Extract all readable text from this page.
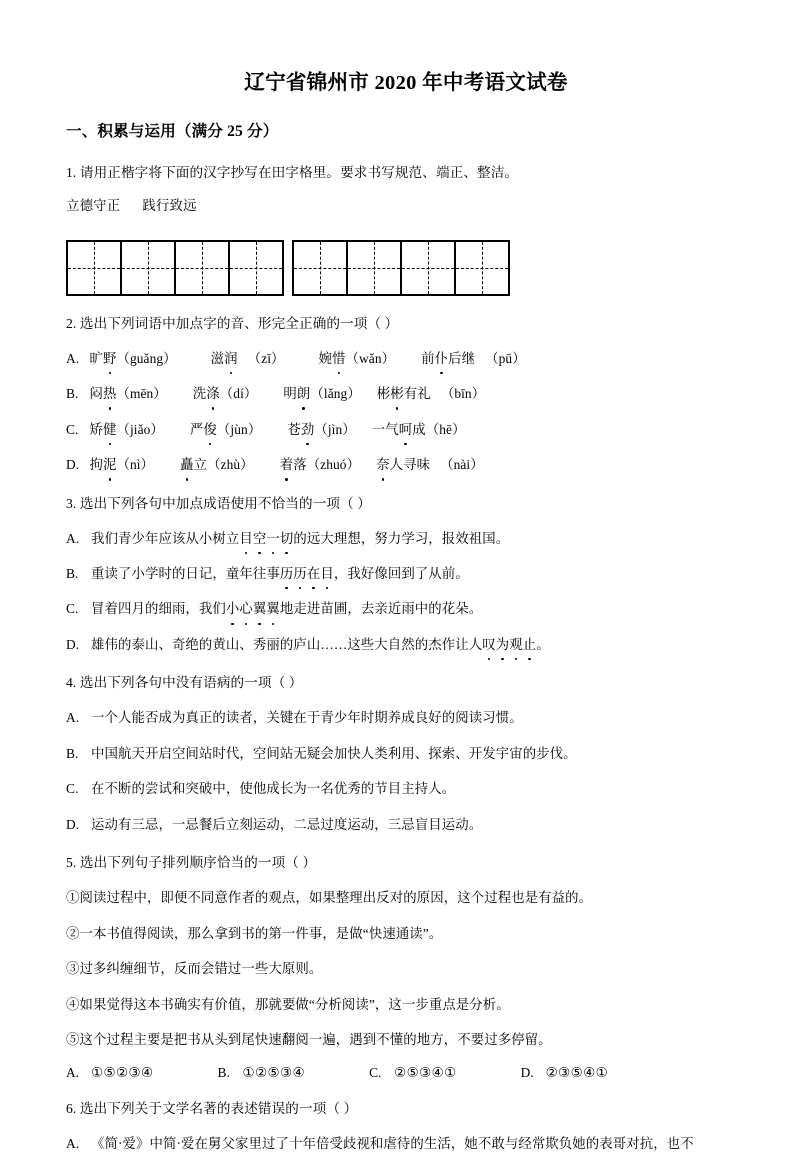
辽宁省锦州市 2020 年中考语文试卷
一、积累与运用（满分 25 分）
1. 请用正楷字将下面的汉字抄写在田字格里。要求书写规范、端正、整洁。
立德守正 践行致远
2. 选出下列词语中加点字的音、形完全正确的一项（ ）
A. 旷野（guǎng）	滋润 （zī）	婉惜（wǎn） 前仆后继 （pū）
B. 闷热（mēn） 洗涤（dí） 明朗（lǎng） 彬彬有礼 （bīn）
C. 矫健（jiǎo） 严俊（jùn） 苍劲（jìn） 一气呵成（hē）
D. 拘泥（nì） 矗立（zhù） 着落（zhuó） 奈人寻味 （nài）
3. 选出下列各句中加点成语使用不恰当的一项（ ）
A. 我们青少年应该从小树立目空一切的远大理想，努力学习，报效祖国。
B. 重读了小学时的日记，童年往事历历在目，我好像回到了从前。
C. 冒着四月的细雨，我们小心翼翼地走进苗圃，去亲近雨中的花朵。
D. 雄伟的泰山、奇绝的黄山、秀丽的庐山……这些大自然的杰作让人叹为观止。
4. 选出下列各句中没有语病的一项（ ）
A. 一个人能否成为真正的读者，关键在于青少年时期养成良好的阅读习惯。
B. 中国航天开启空间站时代，空间站无疑会加快人类利用、探索、开发宇宙的步伐。
C. 在不断的尝试和突破中，使他成长为一名优秀的节目主持人。
D. 运动有三忌，一忌餐后立刻运动，二忌过度运动，三忌盲目运动。
5. 选出下列句子排列顺序恰当的一项（ ）
①阅读过程中，即便不同意作者的观点，如果整理出反对的原因，这个过程也是有益的。
②一本书值得阅读，那么拿到书的第一件事，是做“快速通读”。
③过多纠缠细节，反而会错过一些大原则。
④如果觉得这本书确实有价值，那就要做“分析阅读”，这一步重点是分析。
⑤这个过程主要是把书从头到尾快速翻阅一遍，遇到不懂的地方，不要过多停留。
A. ①⑤②③④	B. ①②⑤③④	C. ②⑤③④①	D. ②③⑤④①
6. 选出下列关于文学名著的表述错误的一项（ ）
A. 《简·爱》中简·爱在舅父家里过了十年倍受歧视和虐待的生活，她不敢与经常欺负她的表哥对抗，也不
